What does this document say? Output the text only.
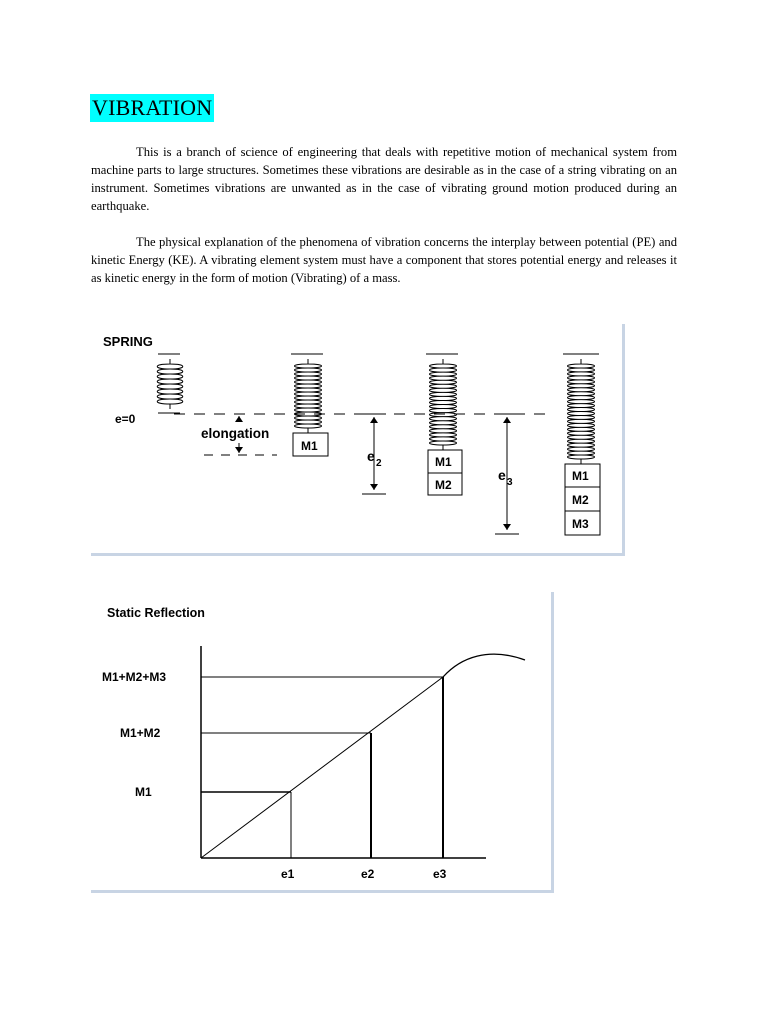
VIBRATION

This is a branch of science of engineering that deals with repetitive motion of mechanical system from machine parts to large structures. Sometimes these vibrations are desirable as in the case of a string vibrating on an instrument. Sometimes vibrations are unwanted as in the case of vibrating ground motion produced during an earthquake.

The physical explanation of the phenomena of vibration concerns the interplay between potential (PE) and kinetic Energy (KE). A vibrating element system must have a component that stores potential energy and releases it as kinetic energy in the form of motion (Vibrating) of a mass.

SPRING
e=0
elongation
M1
e 2	M1
M2
e 3	M1
M2
M3
Static Reflection
M1+M2+M3
M1+M2
M1
e1	e2	e3
